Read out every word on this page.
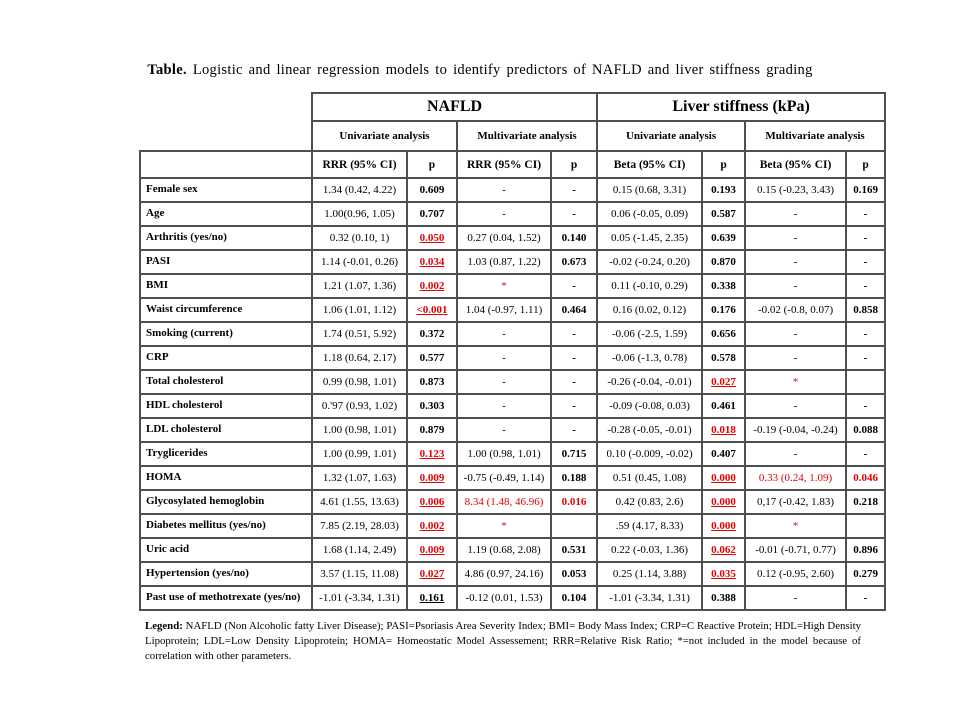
Table. Logistic and linear regression models to identify predictors of NAFLD and liver stiffness grading
	NAFLD				Liver stiffness (kPa)			
	Univariate analysis		Multivariate analysis		Univariate analysis		Multivariate analysis	
	RRR (95% CI)	p	RRR (95% CI)	p	Beta (95% CI)	p	Beta (95% CI)	p
Female sex	1.34 (0.42, 4.22)	0.609	-	-	0.15 (0.68, 3.31)	0.193	0.15 (-0.23, 3.43)	0.169
Age	1.00(0.96, 1.05)	0.707	-	-	0.06 (-0.05, 0.09)	0.587	-	-
Arthritis (yes/no)	0.32 (0.10, 1)	0.050	0.27 (0.04, 1.52)	0.140	0.05 (-1.45, 2.35)	0.639	-	-
PASI	1.14 (-0.01, 0.26)	0.034	1.03 (0.87, 1.22)	0.673	-0.02 (-0.24, 0.20)	0.870	-	-
BMI	1.21 (1.07, 1.36)	0.002	*	-	0.11 (-0.10, 0.29)	0.338	-	-
Waist circumference	1.06 (1.01, 1.12)	<0.001	1.04 (-0.97, 1.11)	0.464	0.16 (0.02, 0.12)	0.176	-0.02 (-0.8, 0.07)	0.858
Smoking (current)	1.74 (0.51, 5.92)	0.372	-	-	-0.06 (-2.5, 1.59)	0.656	-	-
CRP	1.18 (0.64, 2.17)	0.577	-	-	-0.06 (-1.3, 0.78)	0.578	-	-
Total cholesterol	0.99 (0.98, 1.01)	0.873	-	-	-0.26 (-0.04, -0.01)	0.027	*	
HDL cholesterol	0.'97 (0.93, 1.02)	0.303	-	-	-0.09 (-0.08, 0.03)	0.461	-	-
LDL cholesterol	1.00 (0.98, 1.01)	0.879	-	-	-0.28 (-0.05, -0.01)	0.018	-0.19 (-0.04, -0.24)	0.088
Tryglicerides	1.00 (0.99, 1.01)	0.123	1.00 (0.98, 1.01)	0.715	0.10 (-0.009, -0.02)	0.407	-	-
HOMA	1.32 (1.07, 1.63)	0.009	-0.75 (-0.49, 1.14)	0.188	0.51 (0.45, 1.08)	0.000	0.33 (0.24, 1.09)	0.046
Glycosylated hemoglobin	4.61 (1.55, 13.63)	0.006	8.34 (1.48, 46.96)	0.016	0.42 (0.83, 2.6)	0.000	0,17 (-0.42, 1.83)	0.218
Diabetes mellitus (yes/no)	7.85 (2.19, 28.03)	0.002	*		.59 (4.17, 8.33)	0.000	*	
Uric acid	1.68 (1.14, 2.49)	0.009	1.19 (0.68, 2.08)	0.531	0.22 (-0.03, 1.36)	0.062	-0.01 (-0.71, 0.77)	0.896
Hypertension (yes/no)	3.57 (1.15, 11.08)	0.027	4.86 (0.97, 24.16)	0.053	0.25 (1.14, 3.88)	0.035	0.12 (-0.95, 2.60)	0.279
Past use of methotrexate (yes/no)	-1.01 (-3.34, 1.31)	0.161	-0.12 (0.01, 1.53)	0.104	-1.01 (-3.34, 1.31)	0.388	-	-
Legend: NAFLD (Non Alcoholic fatty Liver Disease); PASI=Psoriasis Area Severity Index; BMI= Body Mass Index; CRP=C Reactive Protein; HDL=High Density Lipoprotein; LDL=Low Density Lipoprotein; HOMA= Homeostatic Model Assessement; RRR=Relative Risk Ratio; *=not included in the model because of correlation with other parameters.
